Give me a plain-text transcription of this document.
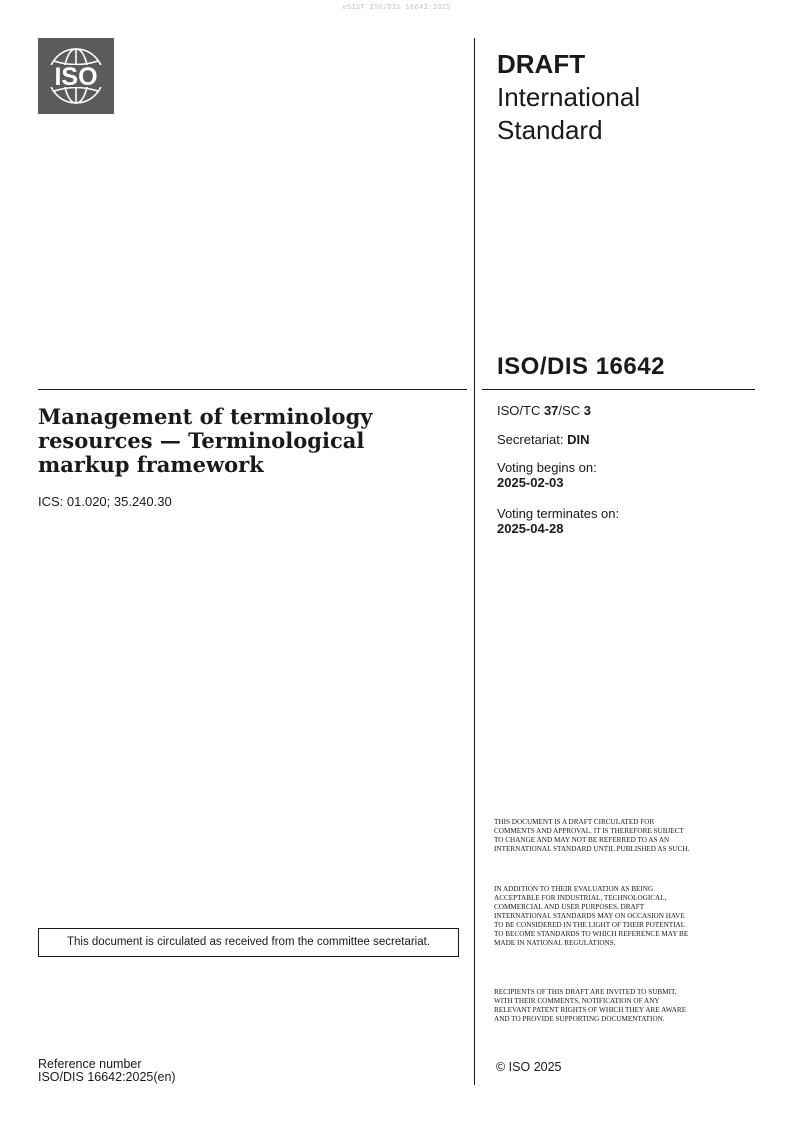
oSIST ISO/DIS 16642:2025
ISO	DRAFT
International
Standard
ISO/DIS 16642
Management of terminology resources — Terminological markup framework
ICS: 01.020; 35.240.30
ISO/TC 37/SC 3
Secretariat: DIN
Voting begins on:
2025-02-03
Voting terminates on:
2025-04-28
THIS DOCUMENT IS A DRAFT CIRCULATED FOR COMMENTS AND APPROVAL. IT IS THEREFORE SUBJECT TO CHANGE AND MAY NOT BE REFERRED TO AS AN INTERNATIONAL STANDARD UNTIL PUBLISHED AS SUCH.
IN ADDITION TO THEIR EVALUATION AS BEING ACCEPTABLE FOR INDUSTRIAL, TECHNOLOGICAL, COMMERCIAL AND USER PURPOSES, DRAFT INTERNATIONAL STANDARDS MAY ON OCCASION HAVE TO BE CONSIDERED IN THE LIGHT OF THEIR POTENTIAL TO BECOME STANDARDS TO WHICH REFERENCE MAY BE MADE IN NATIONAL REGULATIONS.
RECIPIENTS OF THIS DRAFT ARE INVITED TO SUBMIT, WITH THEIR COMMENTS, NOTIFICATION OF ANY RELEVANT PATENT RIGHTS OF WHICH THEY ARE AWARE AND TO PROVIDE SUPPORTING DOCUMENTATION.
This document is circulated as received from the committee secretariat.
Reference number
ISO/DIS 16642:2025(en)
© ISO 2025
